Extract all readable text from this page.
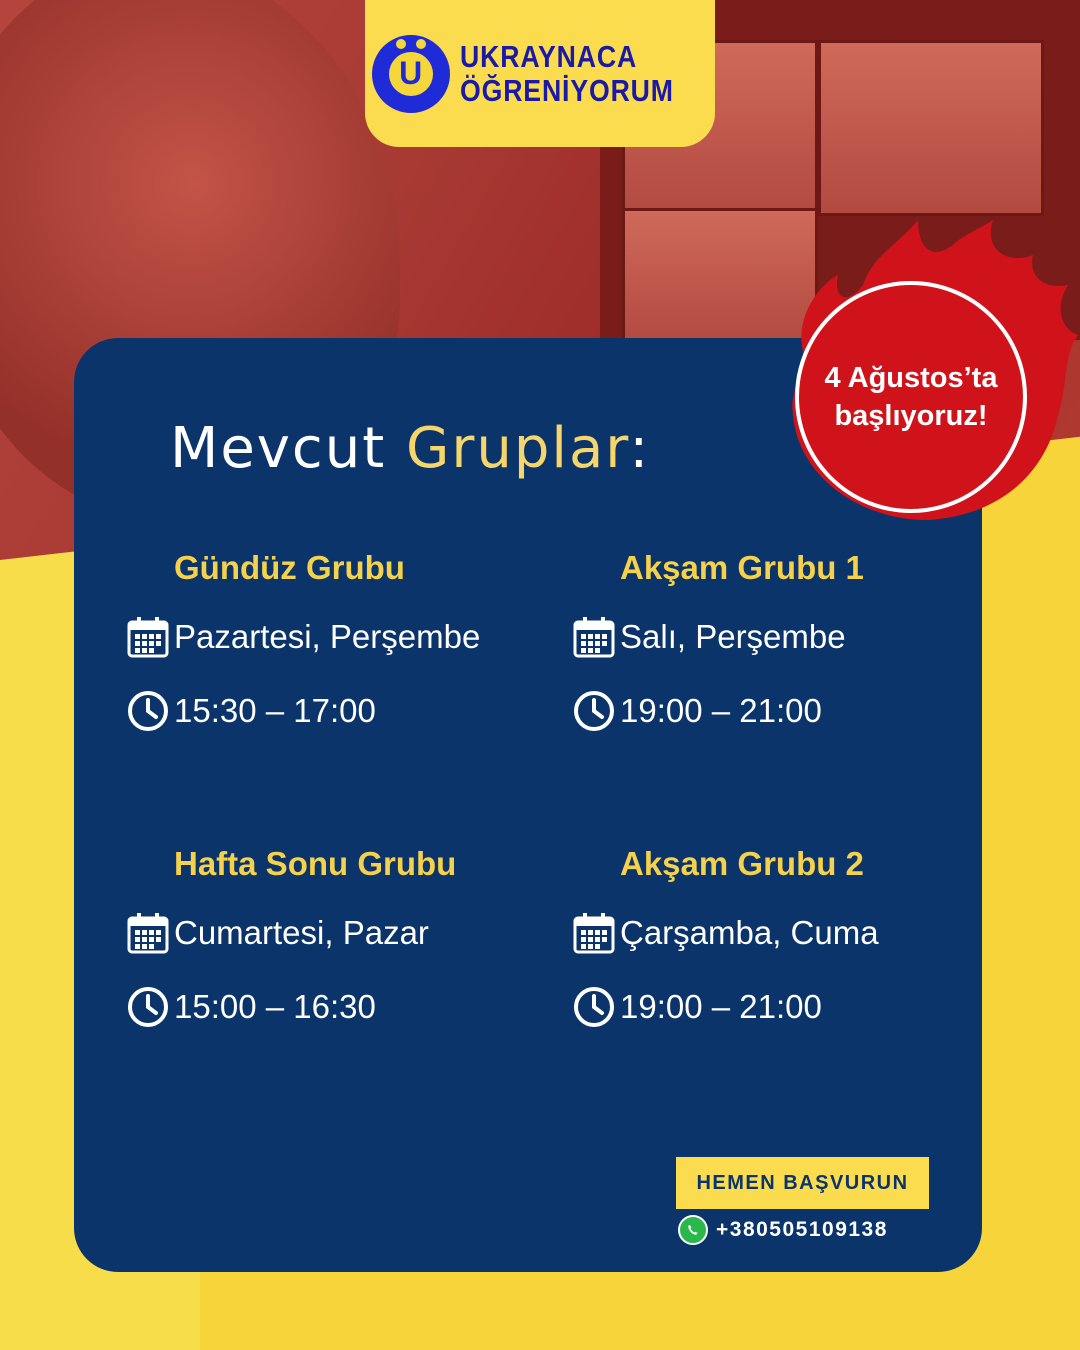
U	UKRAYNACA
ÖĞRENİYORUM
Mevcut Gruplar:
Gündüz Grubu
Pazartesi, Perşembe
15:30 – 17:00
Akşam Grubu 1
Salı, Perşembe
19:00 – 21:00
Hafta Sonu Grubu
Cumartesi, Pazar
15:00 – 16:30
Akşam Grubu 2
Çarşamba, Cuma
19:00 – 21:00
4 Ağustos’ta
başlıyoruz!
HEMEN BAŞVURUN
+380505109138
